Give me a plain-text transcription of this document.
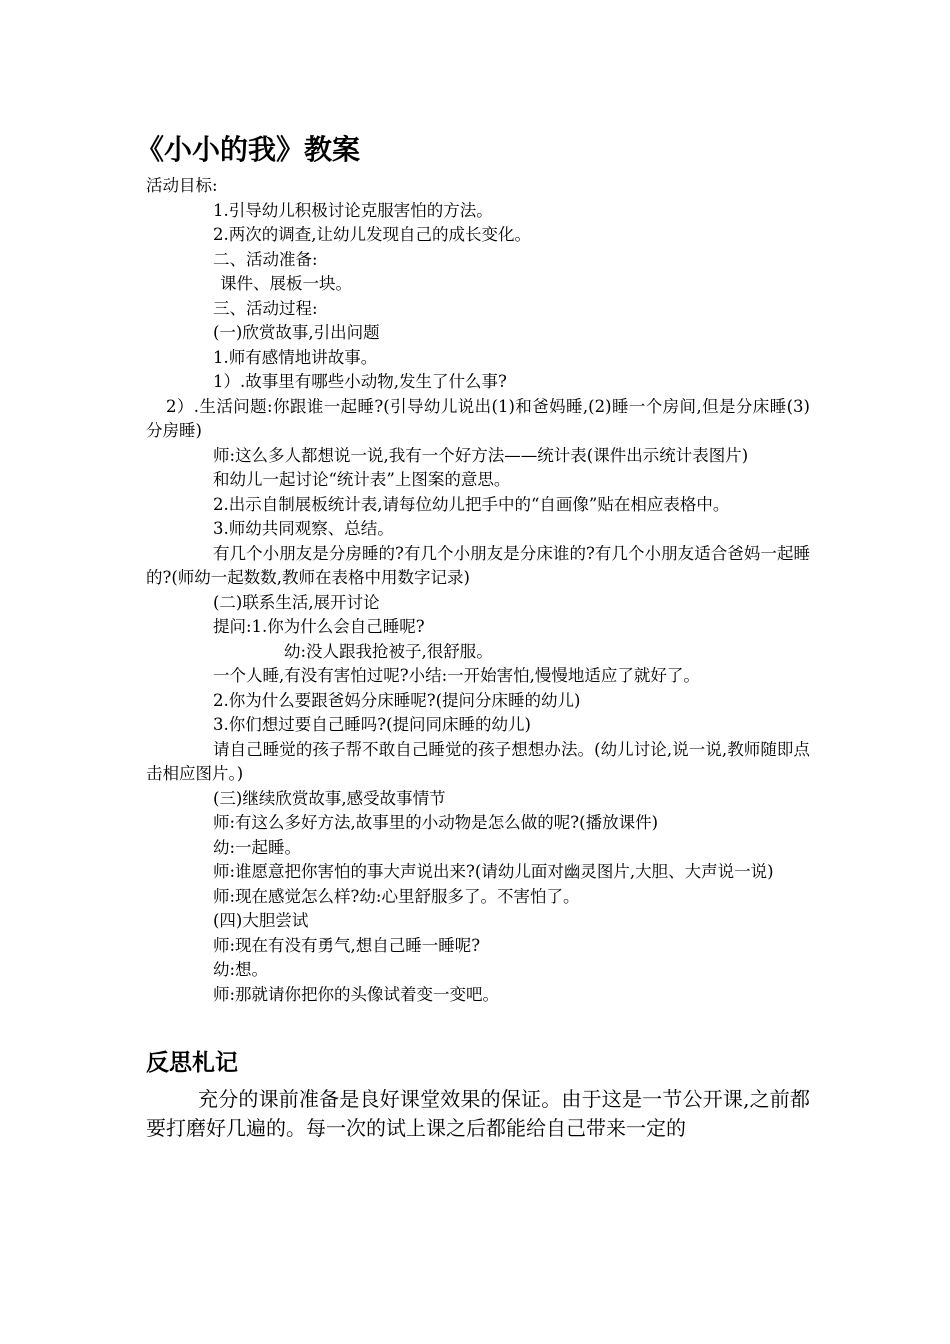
《小小的我》教案

活动目标:

1.引导幼儿积极讨论克服害怕的方法。

2.两次的调查,让幼儿发现自己的成长变化。

二、活动准备:

课件、展板一块。

三、活动过程:

(一)欣赏故事,引出问题

1.师有感情地讲故事。

1）.故事里有哪些小动物,发生了什么事?

2）.生活问题:你跟谁一起睡?(引导幼儿说出(1)和爸妈睡,(2)睡一个房间,但是分床睡(3)分房睡)

师:这么多人都想说一说,我有一个好方法——统计表(课件出示统计表图片)

和幼儿一起讨论“统计表”上图案的意思。

2.出示自制展板统计表,请每位幼儿把手中的“自画像”贴在相应表格中。

3.师幼共同观察、总结。

有几个小朋友是分房睡的?有几个小朋友是分床谁的?有几个小朋友适合爸妈一起睡的?(师幼一起数数,教师在表格中用数字记录)

(二)联系生活,展开讨论

提问:1.你为什么会自己睡呢?

幼:没人跟我抢被子,很舒服。

一个人睡,有没有害怕过呢?小结:一开始害怕,慢慢地适应了就好了。

2.你为什么要跟爸妈分床睡呢?(提问分床睡的幼儿)

3.你们想过要自己睡吗?(提问同床睡的幼儿)

请自己睡觉的孩子帮不敢自己睡觉的孩子想想办法。(幼儿讨论,说一说,教师随即点击相应图片。)

(三)继续欣赏故事,感受故事情节

师:有这么多好方法,故事里的小动物是怎么做的呢?(播放课件)

幼:一起睡。

师:谁愿意把你害怕的事大声说出来?(请幼儿面对幽灵图片,大胆、大声说一说)

师:现在感觉怎么样?幼:心里舒服多了。不害怕了。

(四)大胆尝试

师:现在有没有勇气,想自己睡一睡呢?

幼:想。

师:那就请你把你的头像试着变一变吧。

反思札记

充分的课前准备是良好课堂效果的保证。由于这是一节公开课,之前都要打磨好几遍的。每一次的试上课之后都能给自己带来一定的
